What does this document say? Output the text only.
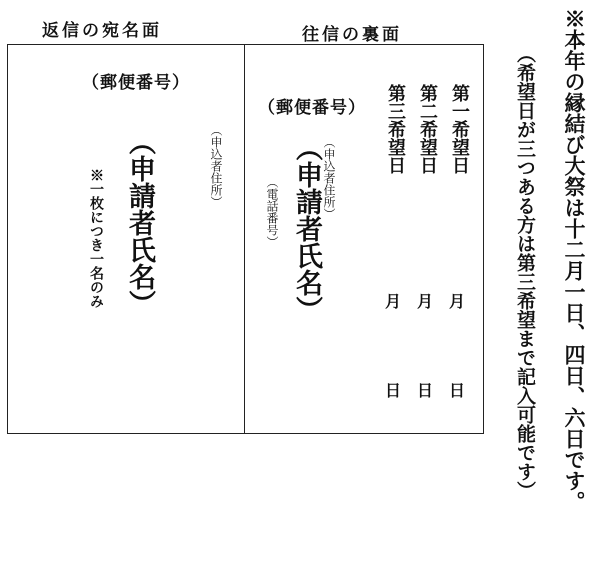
返信の宛名面	往信の裏面
（郵便番号）
（申込者住所）
（申請者氏名）
※一枚につき一名のみ
（郵便番号）
（申込者住所）
（申請者氏名）
（電話番号）
第一希望日
第二希望日
第三希望日
月
月
月
日
日
日	※本年の縁結び大祭は十二月一日、四日、六日です。
（希望日が三つある方は第三希望まで記入可能です）
